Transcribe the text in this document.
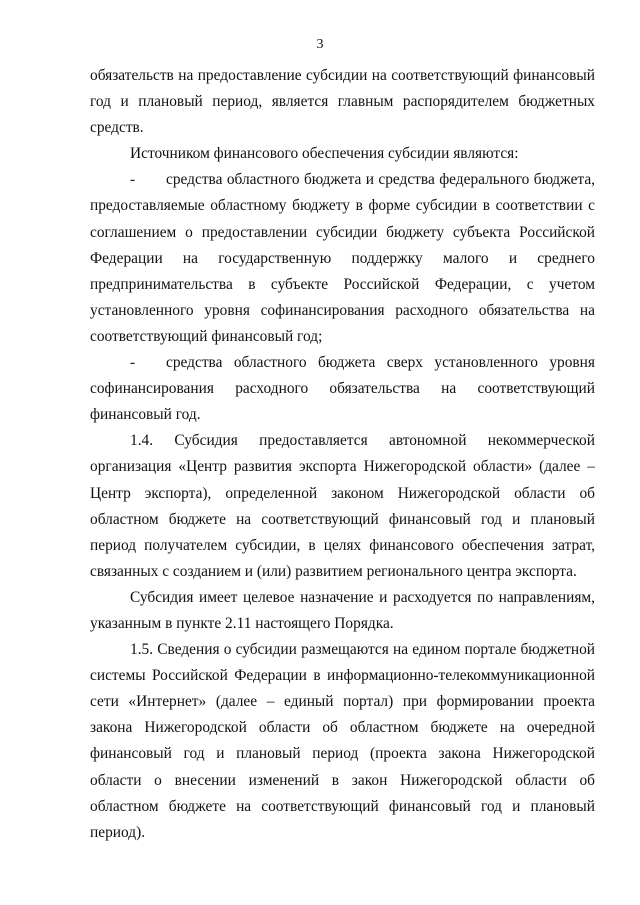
3

обязательств на предоставление субсидии на соответствующий финансовый год и плановый период, является главным распорядителем бюджетных средств.

Источником финансового обеспечения субсидии являются:

- средства областного бюджета и средства федерального бюджета, предоставляемые областному бюджету в форме субсидии в соответствии с соглашением о предоставлении субсидии бюджету субъекта Российской Федерации на государственную поддержку малого и среднего предпринимательства в субъекте Российской Федерации, с учетом установленного уровня софинансирования расходного обязательства на соответствующий финансовый год;

- средства областного бюджета сверх установленного уровня софинансирования расходного обязательства на соответствующий финансовый год.

1.4. Субсидия предоставляется автономной некоммерческой организация «Центр развития экспорта Нижегородской области» (далее – Центр экспорта), определенной законом Нижегородской области об областном бюджете на соответствующий финансовый год и плановый период получателем субсидии, в целях финансового обеспечения затрат, связанных с созданием и (или) развитием регионального центра экспорта.

Субсидия имеет целевое назначение и расходуется по направлениям, указанным в пункте 2.11 настоящего Порядка.

1.5. Сведения о субсидии размещаются на едином портале бюджетной системы Российской Федерации в информационно-телекоммуникационной сети «Интернет» (далее – единый портал) при формировании проекта закона Нижегородской области об областном бюджете на очередной финансовый год и плановый период (проекта закона Нижегородской области о внесении изменений в закон Нижегородской области об областном бюджете на соответствующий финансовый год и плановый период).
